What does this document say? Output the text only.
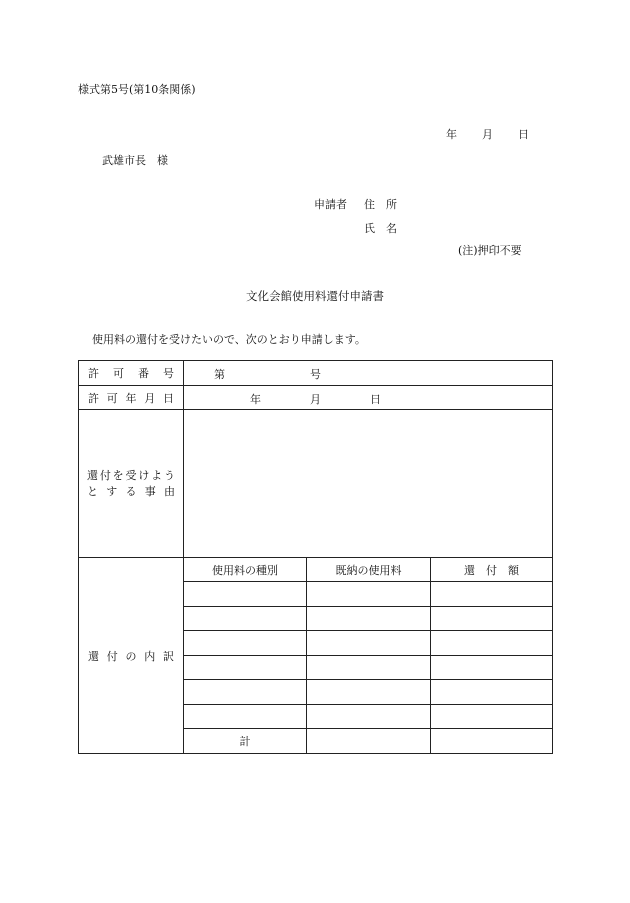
様式第5号(第10条関係)
年 月 日
武雄市長　様
申請者 住　所
氏　名
(注)押印不要
文化会館使用料還付申請書
使用料の還付を受けたいので、次のとおり申請します。
許可番号	第 号		

許可年月日	年 月 日		

還付を受けよう
とする事由			

還付の内訳	使用料の種別	既納の使用料	還　付　額

	計		
